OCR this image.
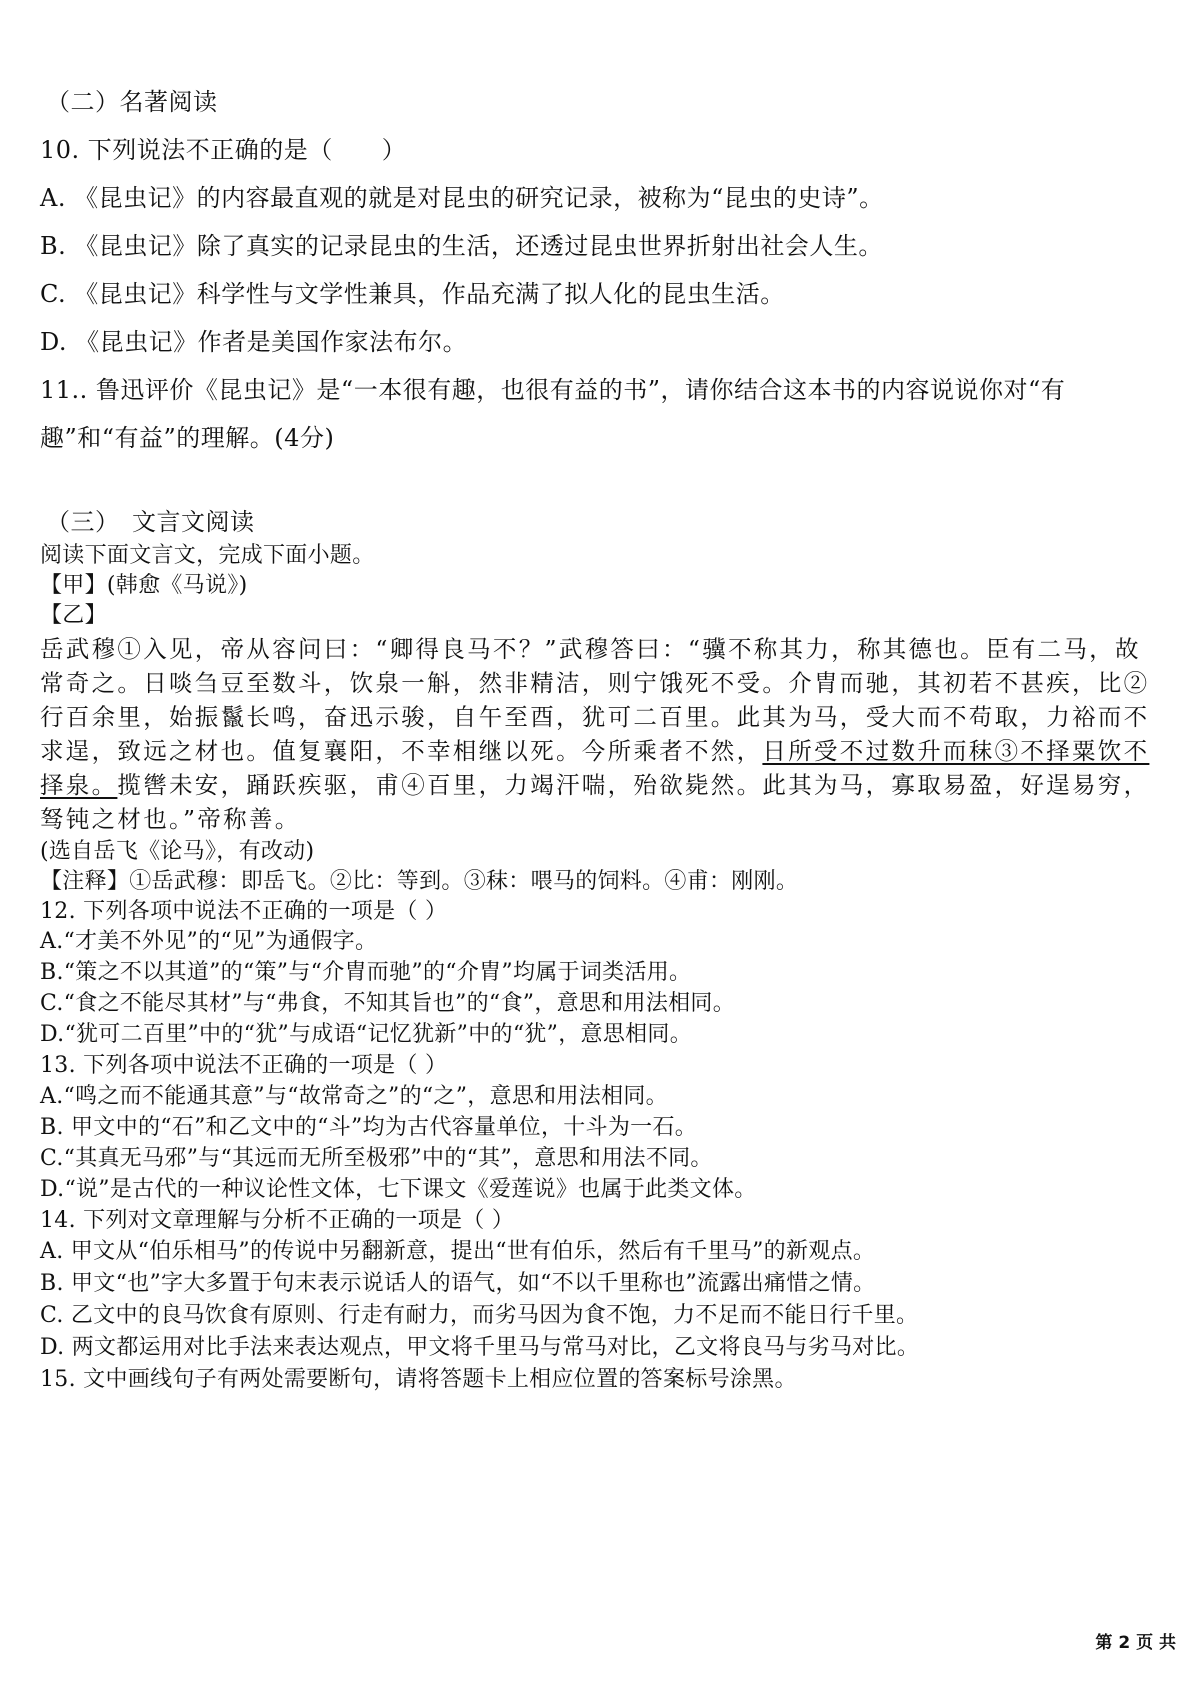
（二）名著阅读
10. 下列说法不正确的是（　　）
A. 《昆虫记》的内容最直观的就是对昆虫的研究记录，被称为“昆虫的史诗”。
B. 《昆虫记》除了真实的记录昆虫的生活，还透过昆虫世界折射出社会人生。
C. 《昆虫记》科学性与文学性兼具，作品充满了拟人化的昆虫生活。
D. 《昆虫记》作者是美国作家法布尔。
11.. 鲁迅评价《昆虫记》是“一本很有趣，也很有益的书”，请你结合这本书的内容说说你对“有
趣”和“有益”的理解。(4分)
（三）　文言文阅读
阅读下面文言文，完成下面小题。
【甲】(韩愈《马说》)
【乙】
岳武穆①入见，帝从容问曰：“卿得良马不？”武穆答曰：“骥不称其力，称其德也。臣有二马，故
常奇之。日啖刍豆至数斗，饮泉一斛，然非精洁，则宁饿死不受。介胄而驰，其初若不甚疾，比②
行百余里，始振鬣长鸣，奋迅示骏，自午至酉，犹可二百里。此其为马，受大而不苟取，力裕而不
求逞，致远之材也。值复襄阳，不幸相继以死。今所乘者不然，日所受不过数升而秣③不择粟饮不
择泉。揽辔未安，踊跃疾驱，甫④百里，力竭汗喘，殆欲毙然。此其为马，寡取易盈，好逞易穷，
驽钝之材也。”帝称善。
(选自岳飞《论马》，有改动)
【注释】①岳武穆：即岳飞。②比：等到。③秣：喂马的饲料。④甫：刚刚。
12. 下列各项中说法不正确的一项是（ ）
A.“才美不外见”的“见”为通假字。
B.“策之不以其道”的“策”与“介胄而驰”的“介胄”均属于词类活用。
C.“食之不能尽其材”与“弗食，不知其旨也”的“食”，意思和用法相同。
D.“犹可二百里”中的“犹”与成语“记忆犹新”中的“犹”，意思相同。
13. 下列各项中说法不正确的一项是（ ）
A.“鸣之而不能通其意”与“故常奇之”的“之”，意思和用法相同。
B. 甲文中的“石”和乙文中的“斗”均为古代容量单位，十斗为一石。
C.“其真无马邪”与“其远而无所至极邪”中的“其”，意思和用法不同。
D.“说”是古代的一种议论性文体，七下课文《爱莲说》也属于此类文体。
14. 下列对文章理解与分析不正确的一项是（ ）
A. 甲文从“伯乐相马”的传说中另翻新意，提出“世有伯乐，然后有千里马”的新观点。
B. 甲文“也”字大多置于句末表示说话人的语气，如“不以千里称也”流露出痛惜之情。
C. 乙文中的良马饮食有原则、行走有耐力，而劣马因为食不饱，力不足而不能日行千里。
D. 两文都运用对比手法来表达观点，甲文将千里马与常马对比，乙文将良马与劣马对比。
15. 文中画线句子有两处需要断句，请将答题卡上相应位置的答案标号涂黑。
第 2 页 共
